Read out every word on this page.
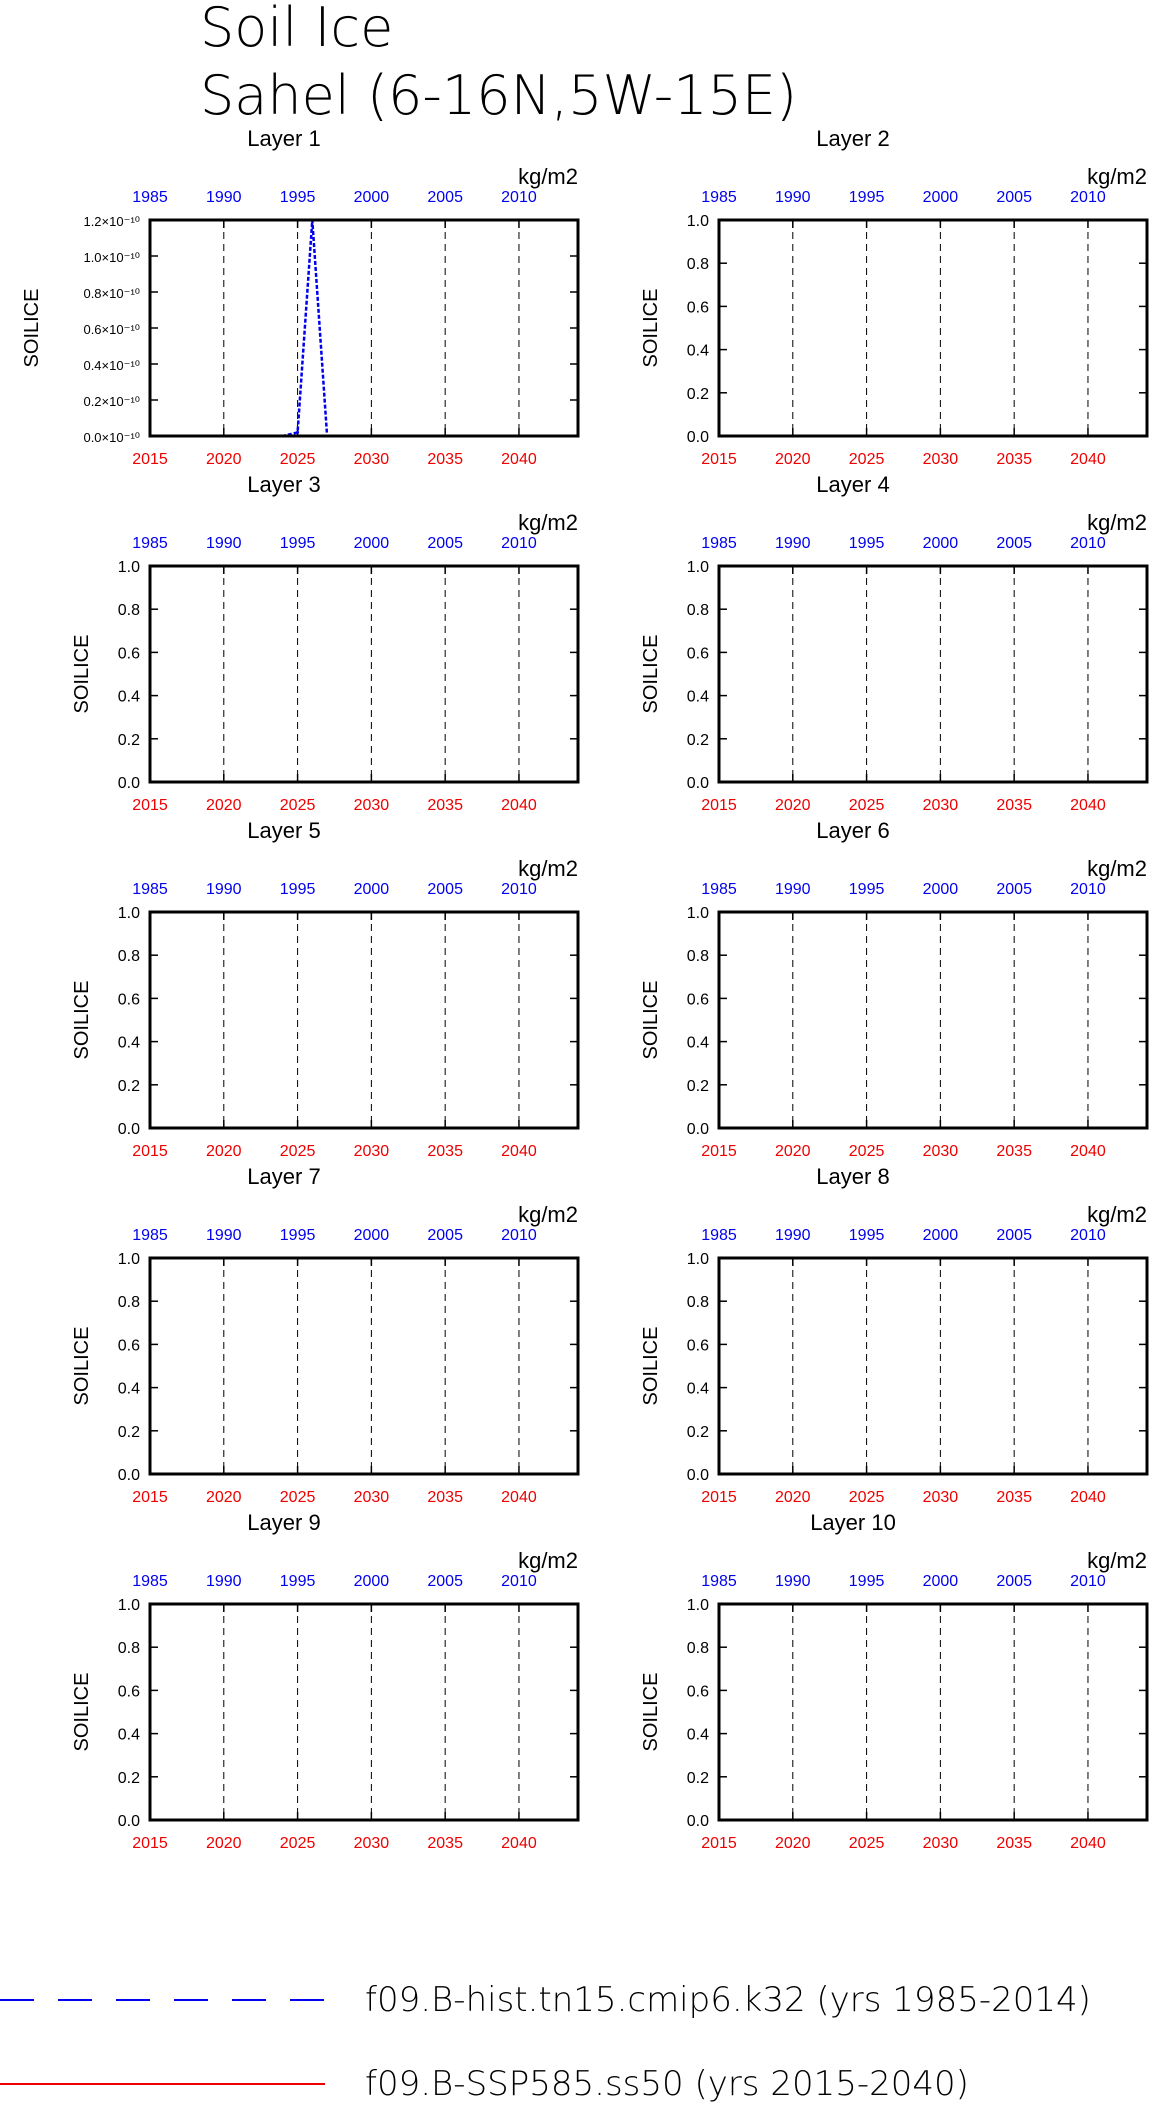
Soil Ice
Sahel (6-16N,5W-15E)
Layer 1
kg/m2
2015 2020 2025 2030 2035 2040
1985 1990 1995 2000 2005 2010
0.0×10⁻¹⁰
0.2×10⁻¹⁰
0.4×10⁻¹⁰
0.6×10⁻¹⁰
0.8×10⁻¹⁰
1.0×10⁻¹⁰
1.2×10⁻¹⁰
SOILICE
Layer 2
kg/m2
2015 2020 2025 2030 2035 2040
1985 1990 1995 2000 2005 2010
0.0
0.2
0.4
0.6
0.8
1.0
SOILICE
Layer 3
kg/m2
2015 2020 2025 2030 2035 2040
1985 1990 1995 2000 2005 2010
0.0
0.2
0.4
0.6
0.8
1.0
SOILICE
Layer 4
kg/m2
2015 2020 2025 2030 2035 2040
1985 1990 1995 2000 2005 2010
0.0
0.2
0.4
0.6
0.8
1.0
SOILICE
Layer 5
kg/m2
2015 2020 2025 2030 2035 2040
1985 1990 1995 2000 2005 2010
0.0
0.2
0.4
0.6
0.8
1.0
SOILICE
Layer 6
kg/m2
2015 2020 2025 2030 2035 2040
1985 1990 1995 2000 2005 2010
0.0
0.2
0.4
0.6
0.8
1.0
SOILICE
Layer 7
kg/m2
2015 2020 2025 2030 2035 2040
1985 1990 1995 2000 2005 2010
0.0
0.2
0.4
0.6
0.8
1.0
SOILICE
Layer 8
kg/m2
2015 2020 2025 2030 2035 2040
1985 1990 1995 2000 2005 2010
0.0
0.2
0.4
0.6
0.8
1.0
SOILICE
Layer 9
kg/m2
2015 2020 2025 2030 2035 2040
1985 1990 1995 2000 2005 2010
0.0
0.2
0.4
0.6
0.8
1.0
SOILICE
Layer 10
kg/m2
2015 2020 2025 2030 2035 2040
1985 1990 1995 2000 2005 2010
0.0
0.2
0.4
0.6
0.8
1.0
SOILICE
f09.B-hist.tn15.cmip6.k32 (yrs 1985-2014)
f09.B-SSP585.ss50 (yrs 2015-2040)
